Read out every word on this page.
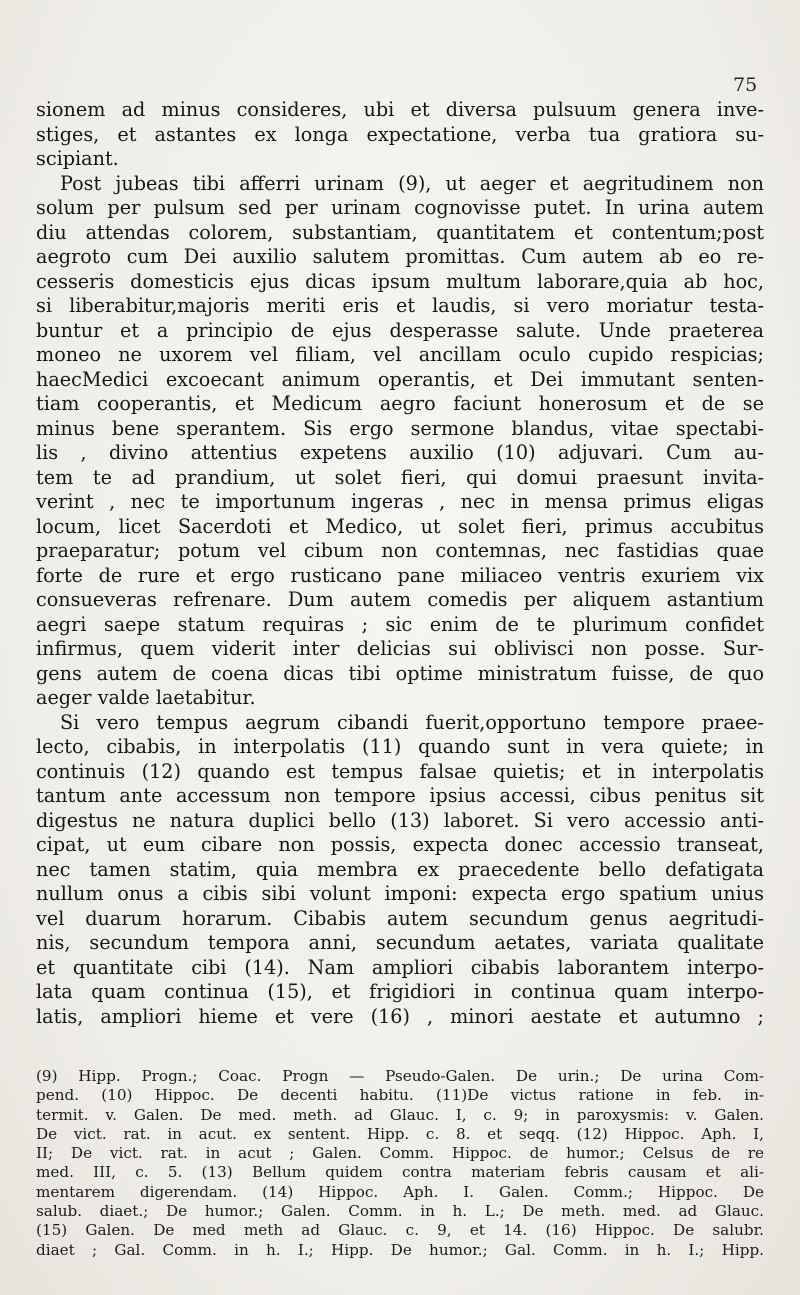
75
sionem ad minus consideres, ubi et diversa pulsuum genera inve-
stiges, et astantes ex longa expectatione, verba tua gratiora su-
scipiant.
Post jubeas tibi afferri urinam (9), ut aeger et aegritudinem non
solum per pulsum sed per urinam cognovisse putet. In urina autem
diu attendas colorem, substantiam, quantitatem et contentum;post
aegroto cum Dei auxilio salutem promittas. Cum autem ab eo re-
cesseris domesticis ejus dicas ipsum multum laborare,quia ab hoc,
si liberabitur,majoris meriti eris et laudis, si vero moriatur testa-
buntur et a principio de ejus desperasse salute. Unde praeterea
moneo ne uxorem vel filiam, vel ancillam oculo cupido respicias;
haecMedici excoecant animum operantis, et Dei immutant senten-
tiam cooperantis, et Medicum aegro faciunt honerosum et de se
minus bene sperantem. Sis ergo sermone blandus, vitae spectabi-
lis , divino attentius expetens auxilio (10) adjuvari. Cum au-
tem te ad prandium, ut solet fieri, qui domui praesunt invita-
verint , nec te importunum ingeras , nec in mensa primus eligas
locum, licet Sacerdoti et Medico, ut solet fieri, primus accubitus
praeparatur; potum vel cibum non contemnas, nec fastidias quae
forte de rure et ergo rusticano pane miliaceo ventris exuriem vix
consueveras refrenare. Dum autem comedis per aliquem astantium
aegri saepe statum requiras ; sic enim de te plurimum confidet
infirmus, quem viderit inter delicias sui oblivisci non posse. Sur-
gens autem de coena dicas tibi optime ministratum fuisse, de quo
aeger valde laetabitur.
Si vero tempus aegrum cibandi fuerit,opportuno tempore praee-
lecto, cibabis, in interpolatis (11) quando sunt in vera quiete; in
continuis (12) quando est tempus falsae quietis; et in interpolatis
tantum ante accessum non tempore ipsius accessi, cibus penitus sit
digestus ne natura duplici bello (13) laboret. Si vero accessio anti-
cipat, ut eum cibare non possis, expecta donec accessio transeat,
nec tamen statim, quia membra ex praecedente bello defatigata
nullum onus a cibis sibi volunt imponi: expecta ergo spatium unius
vel duarum horarum. Cibabis autem secundum genus aegritudi-
nis, secundum tempora anni, secundum aetates, variata qualitate
et quantitate cibi (14). Nam ampliori cibabis laborantem interpo-
lata quam continua (15), et frigidiori in continua quam interpo-
latis, ampliori hieme et vere (16) , minori aestate et autumno ;
(9) Hipp. Progn.; Coac. Progn — Pseudo-Galen. De urin.; De urina Com-
pend. (10) Hippoc. De decenti habitu. (11)De victus ratione in feb. in-
termit. v. Galen. De med. meth. ad Glauc. I, c. 9; in paroxysmis: v. Galen.
De vict. rat. in acut. ex sentent. Hipp. c. 8. et seqq. (12) Hippoc. Aph. I,
II; De vict. rat. in acut ; Galen. Comm. Hippoc. de humor.; Celsus de re
med. III, c. 5. (13) Bellum quidem contra materiam febris causam et ali-
mentarem digerendam. (14) Hippoc. Aph. I. Galen. Comm.; Hippoc. De
salub. diaet.; De humor.; Galen. Comm. in h. L.; De meth. med. ad Glauc.
(15) Galen. De med meth ad Glauc. c. 9, et 14. (16) Hippoc. De salubr.
diaet ; Gal. Comm. in h. I.; Hipp. De humor.; Gal. Comm. in h. I.; Hipp.
